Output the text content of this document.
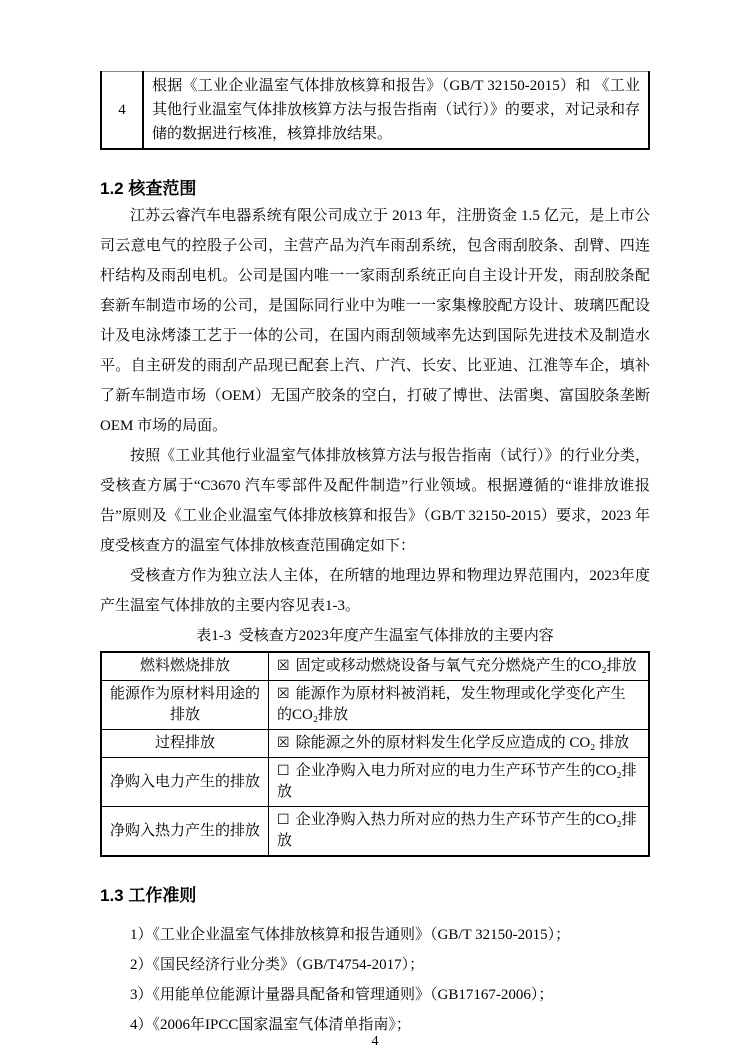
4	根据《工业企业温室气体排放核算和报告》（GB/T 32150-2015）和 《工业其他行业温室气体排放核算方法与报告指南（试行）》的要求，对记录和存储的数据进行核准，核算排放结果。
1.2 核查范围

江苏云睿汽车电器系统有限公司成立于 2013 年，注册资金 1.5 亿元，是上市公司云意电气的控股子公司，主营产品为汽车雨刮系统，包含雨刮胶条、刮臂、四连杆结构及雨刮电机。公司是国内唯一一家雨刮系统正向自主设计开发，雨刮胶条配套新车制造市场的公司，是国际同行业中为唯一一家集橡胶配方设计、玻璃匹配设计及电泳烤漆工艺于一体的公司，在国内雨刮领域率先达到国际先进技术及制造水平。自主研发的雨刮产品现已配套上汽、广汽、长安、比亚迪、江淮等车企，填补了新车制造市场（OEM）无国产胶条的空白，打破了博世、法雷奥、富国胶条垄断OEM 市场的局面。

按照《工业其他行业温室气体排放核算方法与报告指南（试行）》的行业分类，受核查方属于“C3670 汽车零部件及配件制造”行业领域。根据遵循的“谁排放谁报告”原则及《工业企业温室气体排放核算和报告》（GB/T 32150-2015）要求，2023 年度受核查方的温室气体排放核查范围确定如下：

受核查方作为独立法人主体，在所辖的地理边界和物理边界范围内，2023年度产生温室气体排放的主要内容见表1-3。

表1-3  受核查方2023年度产生温室气体排放的主要内容
燃料燃烧排放	☒ 固定或移动燃烧设备与氧气充分燃烧产生的CO₂排放
能源作为原材料用途的排放	☒ 能源作为原材料被消耗，发生物理或化学变化产生的CO₂排放
过程排放	☒ 除能源之外的原材料发生化学反应造成的 CO₂ 排放
净购入电力产生的排放	☐ 企业净购入电力所对应的电力生产环节产生的CO₂排放
净购入热力产生的排放	☐ 企业净购入热力所对应的热力生产环节产生的CO₂排放
1.3 工作准则
1）《工业企业温室气体排放核算和报告通则》（GB/T 32150-2015）；
2）《国民经济行业分类》（GB/T4754-2017）；
3）《用能单位能源计量器具配备和管理通则》（GB17167-2006）；
4）《2006年IPCC国家温室气体清单指南》；
4
